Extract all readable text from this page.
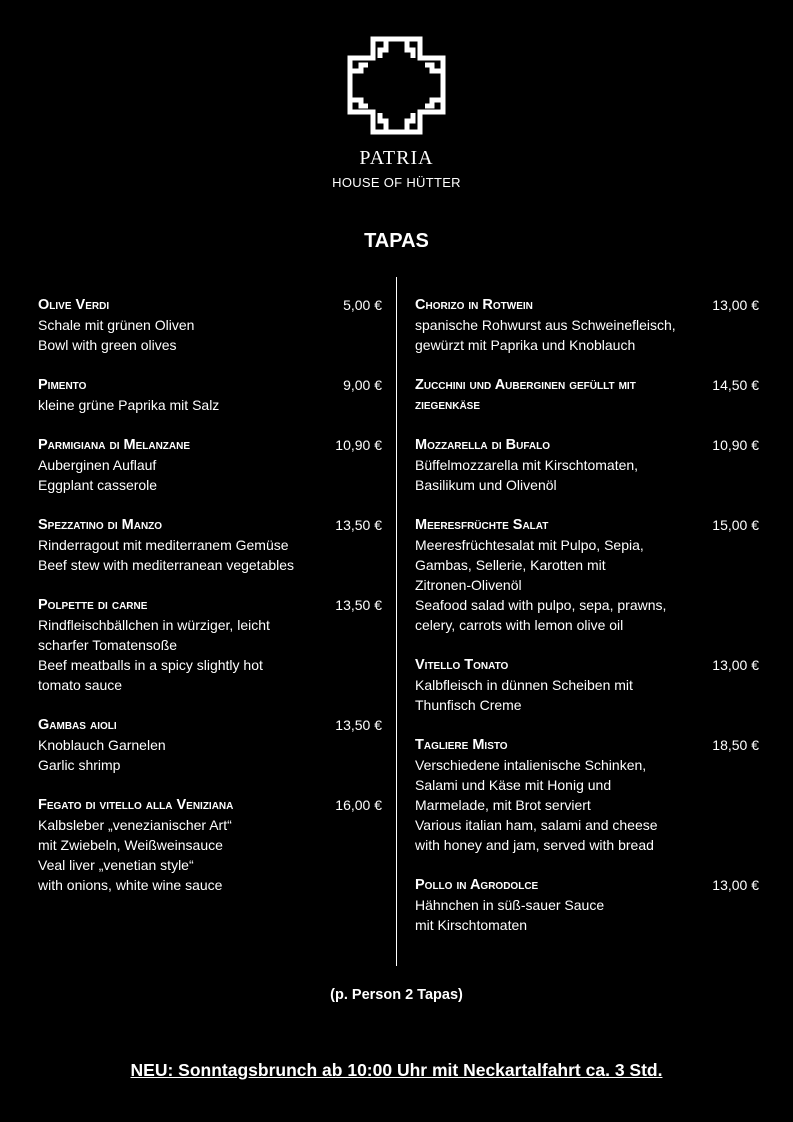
PATRIA
HOUSE OF HÜTTER
TAPAS
Olive Verdi	5,00 €
Schale mit grünen Oliven
Bowl with green olives
Pimento	9,00 €
kleine grüne Paprika mit Salz
Parmigiana di Melanzane	10,90 €
Auberginen Auflauf
Eggplant casserole
Spezzatino di Manzo	13,50 €
Rinderragout mit mediterranem Gemüse
Beef stew with mediterranean vegetables
Polpette di carne	13,50 €
Rindfleischbällchen in würziger, leicht
scharfer Tomatensoße
Beef meatballs in a spicy slightly hot
tomato sauce
Gambas aioli	13,50 €
Knoblauch Garnelen
Garlic shrimp
Fegato di vitello alla Veniziana	16,00 €
Kalbsleber „venezianischer Art“
mit Zwiebeln, Weißweinsauce
Veal liver „venetian style“
with onions, white wine sauce
Chorizo in Rotwein	13,00 €
spanische Rohwurst aus Schweinefleisch,
gewürzt mit Paprika und Knoblauch
Zucchini und Auberginen gefüllt mit ziegenkäse
14,50 €
Mozzarella di Bufalo	10,90 €
Büffelmozzarella mit Kirschtomaten,
Basilikum und Olivenöl
Meeresfrüchte Salat	15,00 €
Meeresfrüchtesalat mit Pulpo, Sepia,
Gambas, Sellerie, Karotten mit
Zitronen-Olivenöl
Seafood salad with pulpo, sepa, prawns,
celery, carrots with lemon olive oil
Vitello Tonato	13,00 €
Kalbfleisch in dünnen Scheiben mit
Thunfisch Creme
Tagliere Misto	18,50 €
Verschiedene intalienische Schinken,
Salami und Käse mit Honig und
Marmelade, mit Brot serviert
Various italian ham, salami and cheese
with honey and jam, served with bread
Pollo in Agrodolce	13,00 €
Hähnchen in süß-sauer Sauce
mit Kirschtomaten
(p. Person 2 Tapas)
NEU: Sonntagsbrunch ab 10:00 Uhr mit Neckartalfahrt ca. 3 Std.
